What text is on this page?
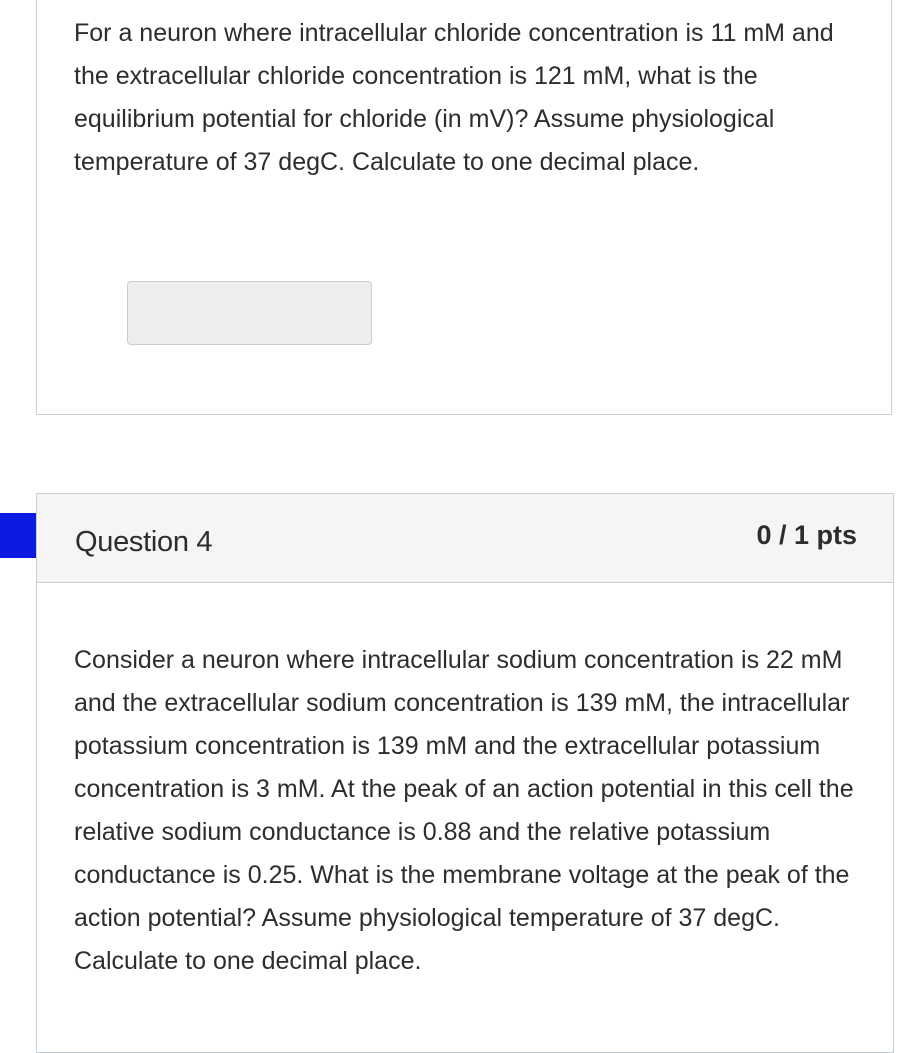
For a neuron where intracellular chloride concentration is 11 mM and the extracellular chloride concentration is 121 mM, what is the equilibrium potential for chloride (in mV)? Assume physiological temperature of 37 degC. Calculate to one decimal place.
Question 4	0 / 1 pts
Consider a neuron where intracellular sodium concentration is 22 mM and the extracellular sodium concentration is 139 mM, the intracellular potassium concentration is 139 mM and the extracellular potassium concentration is 3 mM. At the peak of an action potential in this cell the relative sodium conductance is 0.88 and the relative potassium conductance is 0.25. What is the membrane voltage at the peak of the action potential? Assume physiological temperature of 37 degC. Calculate to one decimal place.
